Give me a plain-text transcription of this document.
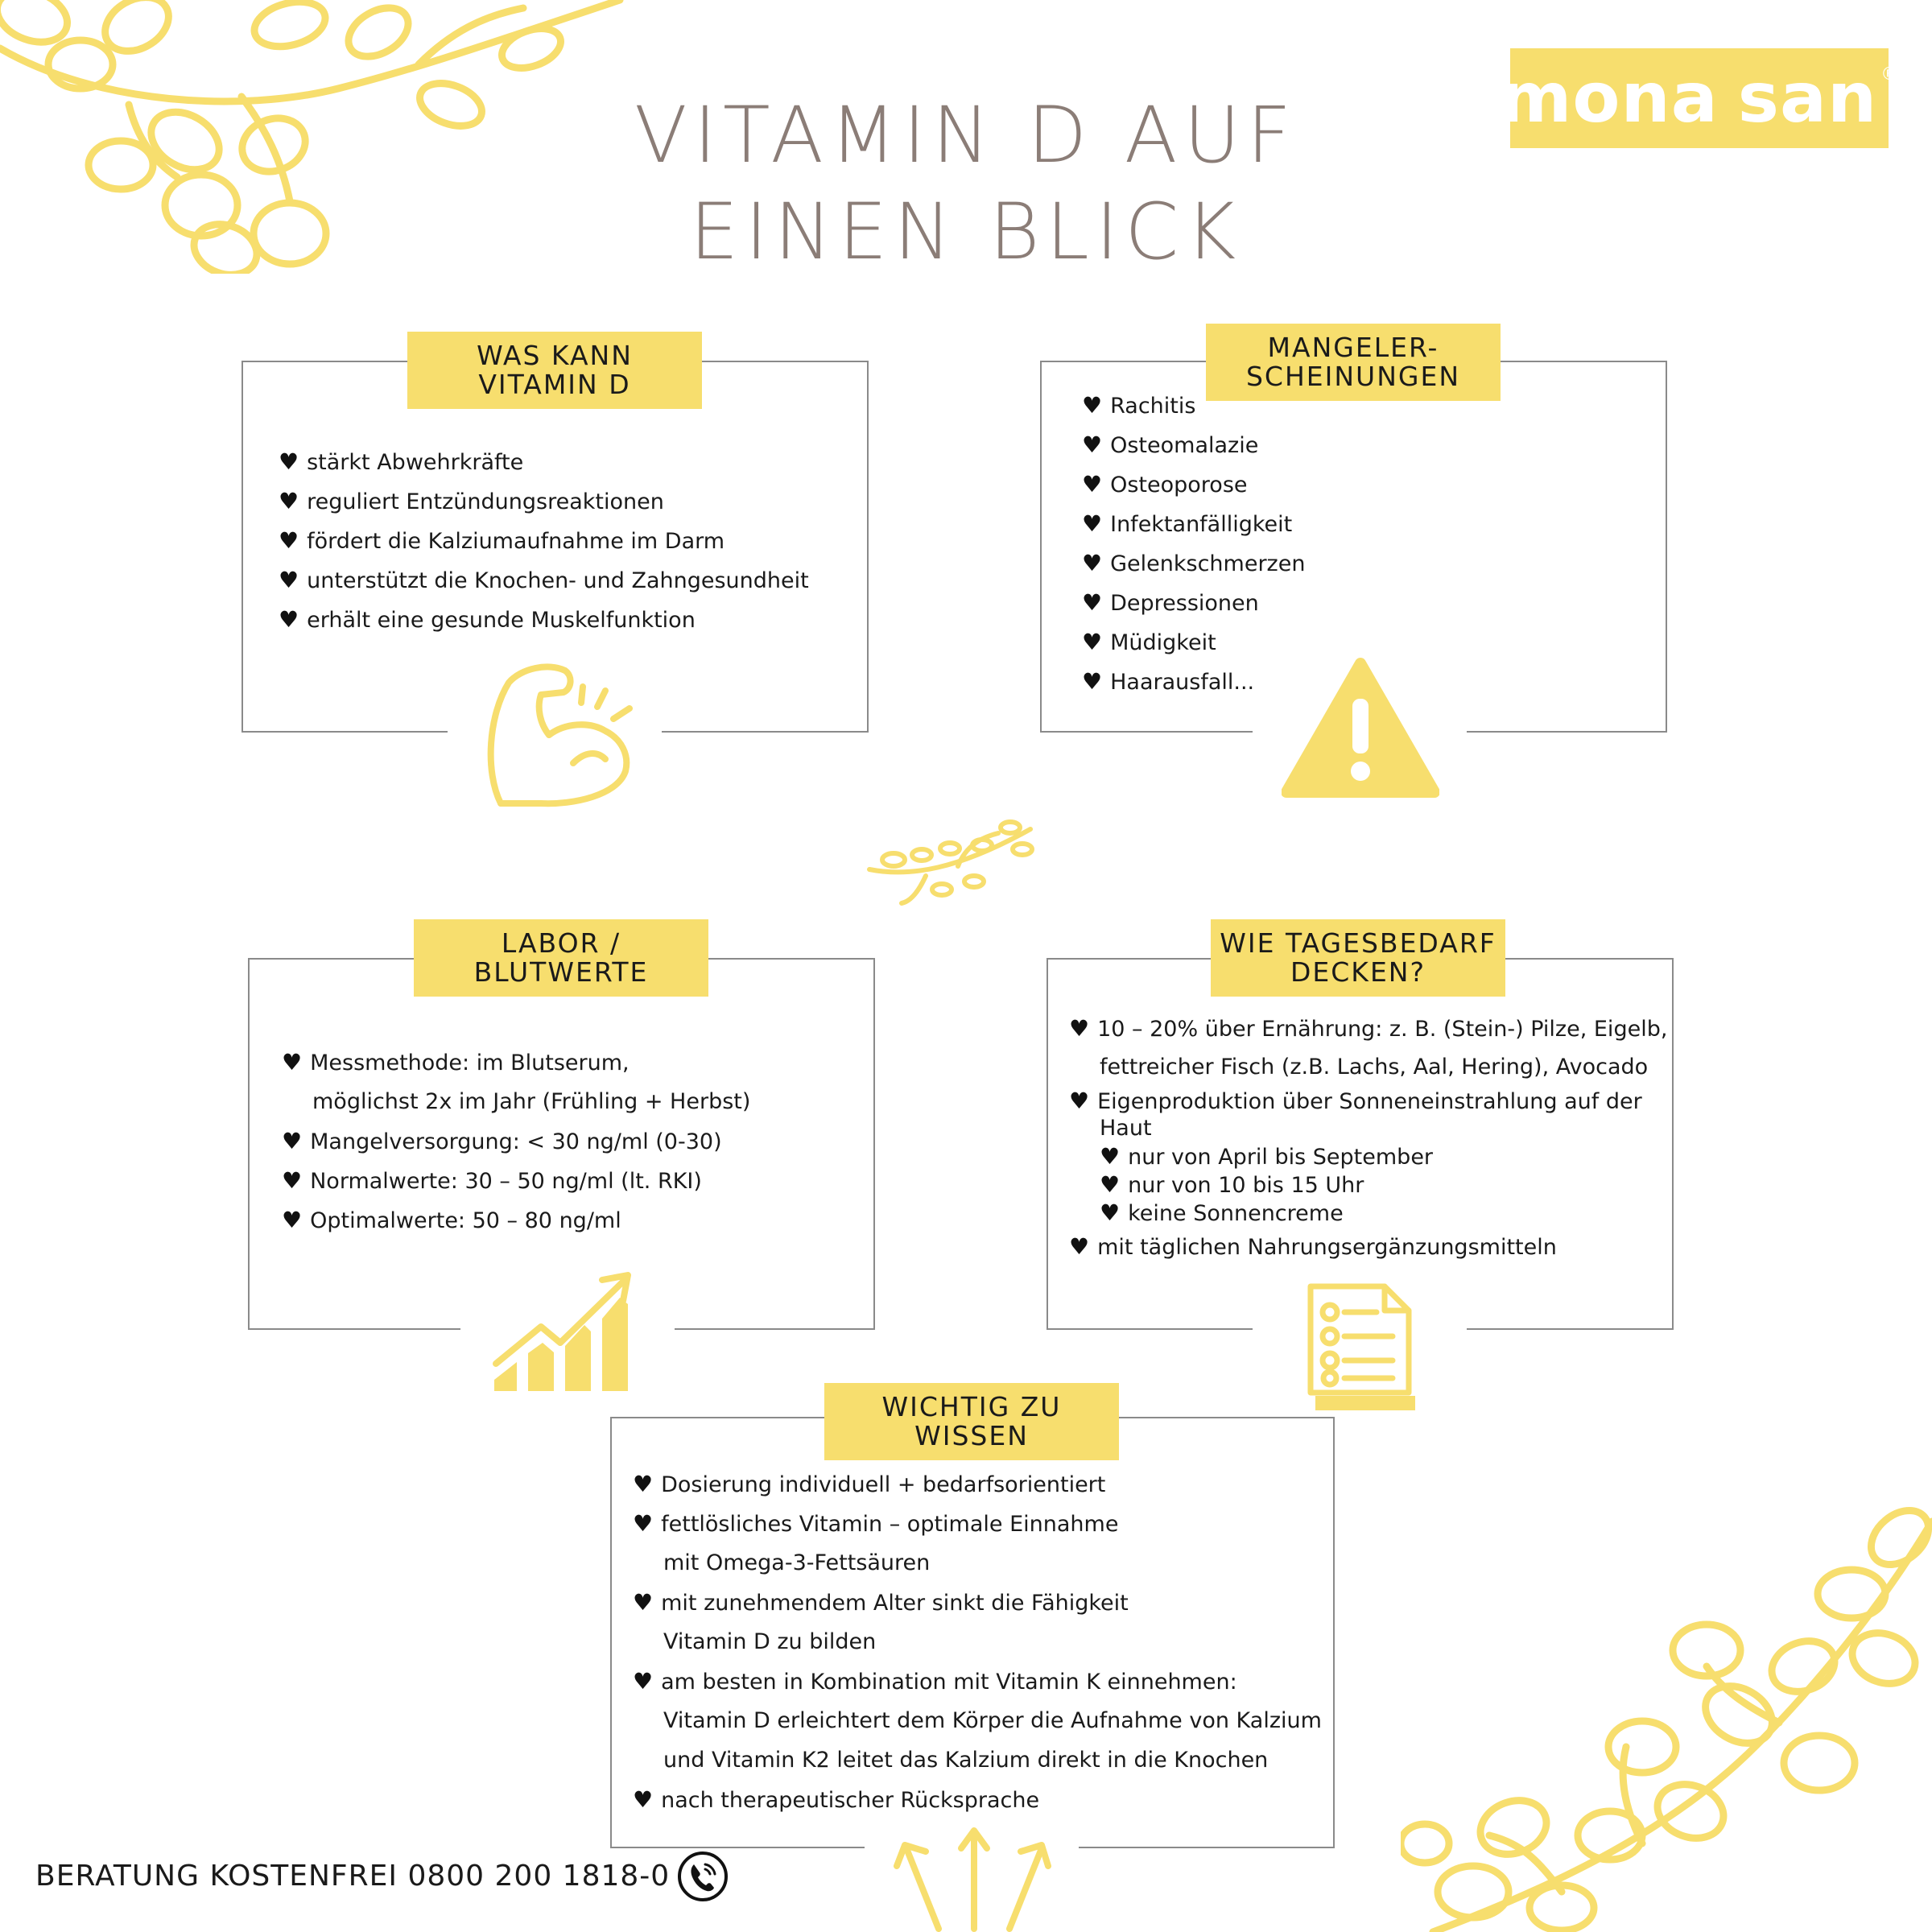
VITAMIN D AUF
EINEN BLICK
mona san®
WAS KANN
VITAMIN D
♥ stärkt Abwehrkräfte
♥ reguliert Entzündungsreaktionen
♥ fördert die Kalziumaufnahme im Darm
♥ unterstützt die Knochen- und Zahngesundheit
♥ erhält eine gesunde Muskelfunktion
MANGELER-
SCHEINUNGEN
♥ Rachitis
♥ Osteomalazie
♥ Osteoporose
♥ Infektanfälligkeit
♥ Gelenkschmerzen
♥ Depressionen
♥ Müdigkeit
♥ Haarausfall...
LABOR /
BLUTWERTE
♥ Messmethode: im Blutserum,
möglichst 2x im Jahr (Frühling + Herbst)
♥ Mangelversorgung: < 30 ng/ml (0-30)
♥ Normalwerte: 30 – 50 ng/ml (lt. RKI)
♥ Optimalwerte: 50 – 80 ng/ml
WIE TAGESBEDARF
DECKEN?
♥ 10 – 20% über Ernährung: z. B. (Stein-) Pilze, Eigelb,
fettreicher Fisch (z.B. Lachs, Aal, Hering), Avocado
♥ Eigenproduktion über Sonneneinstrahlung auf der
Haut
♥ nur von April bis September
♥ nur von 10 bis 15 Uhr
♥ keine Sonnencreme
♥ mit täglichen Nahrungsergänzungsmitteln
WICHTIG ZU
WISSEN
♥ Dosierung individuell + bedarfsorientiert
♥ fettlösliches Vitamin – optimale Einnahme
mit Omega-3-Fettsäuren
♥ mit zunehmendem Alter sinkt die Fähigkeit
Vitamin D zu bilden
♥ am besten in Kombination mit Vitamin K einnehmen:
Vitamin D erleichtert dem Körper die Aufnahme von Kalzium
und Vitamin K2 leitet das Kalzium direkt in die Knochen
♥ nach therapeutischer Rücksprache
BERATUNG KOSTENFREI 0800 200 1818-0
